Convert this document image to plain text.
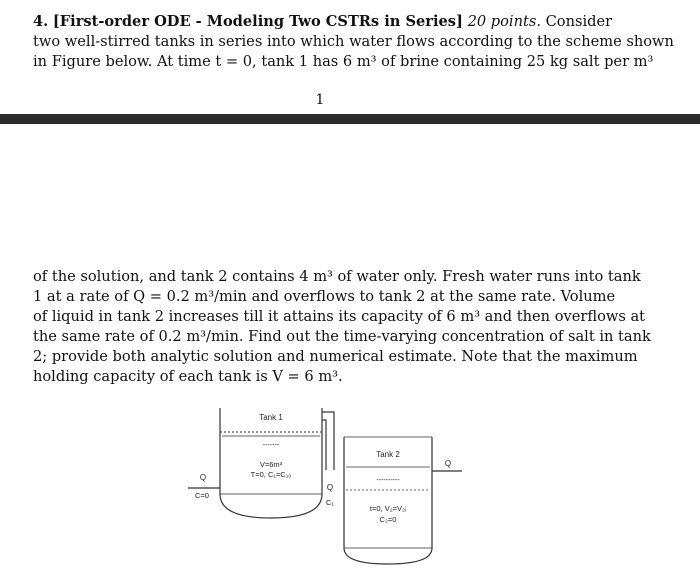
4. [First-order ODE - Modeling Two CSTRs in Series] 20 points. Consider
two well-stirred tanks in series into which water flows according to the scheme shown
in Figure below. At time t = 0, tank 1 has 6 m³ of brine containing 25 kg salt per m³
1
of the solution, and tank 2 contains 4 m³ of water only. Fresh water runs into tank
1 at a rate of Q = 0.2 m³/min and overflows to tank 2 at the same rate. Volume
of liquid in tank 2 increases till it attains its capacity of 6 m³ and then overflows at
the same rate of 0.2 m³/min. Find out the time-varying concentration of salt in tank
2; provide both analytic solution and numerical estimate. Note that the maximum
holding capacity of each tank is V = 6 m³.
Tank 1
-------
V=6m³
T=0, C₁=C₁₀
Q
C=0
Q
C₁
Tank 2
----------
t=0, V₂=V₂ᵢ
C₂=0
Q
